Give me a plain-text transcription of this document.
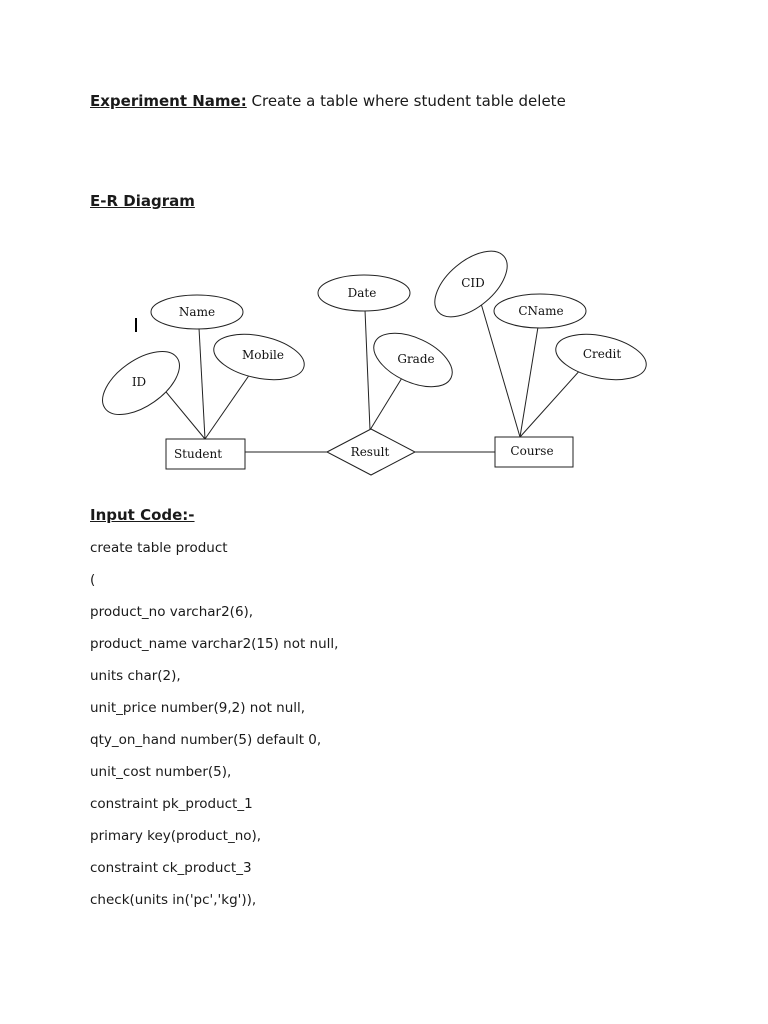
Experiment Name: Create a table where student table delete
E-R Diagram
ID
Name
Mobile
Date
Grade
CID
CName
Credit
Student	Course
Result
Input Code:-
create table product
(
product_no varchar2(6),
product_name varchar2(15) not null,
units char(2),
unit_price number(9,2) not null,
qty_on_hand number(5) default 0,
unit_cost number(5),
constraint pk_product_1
primary key(product_no),
constraint ck_product_3
check(units in('pc','kg')),
